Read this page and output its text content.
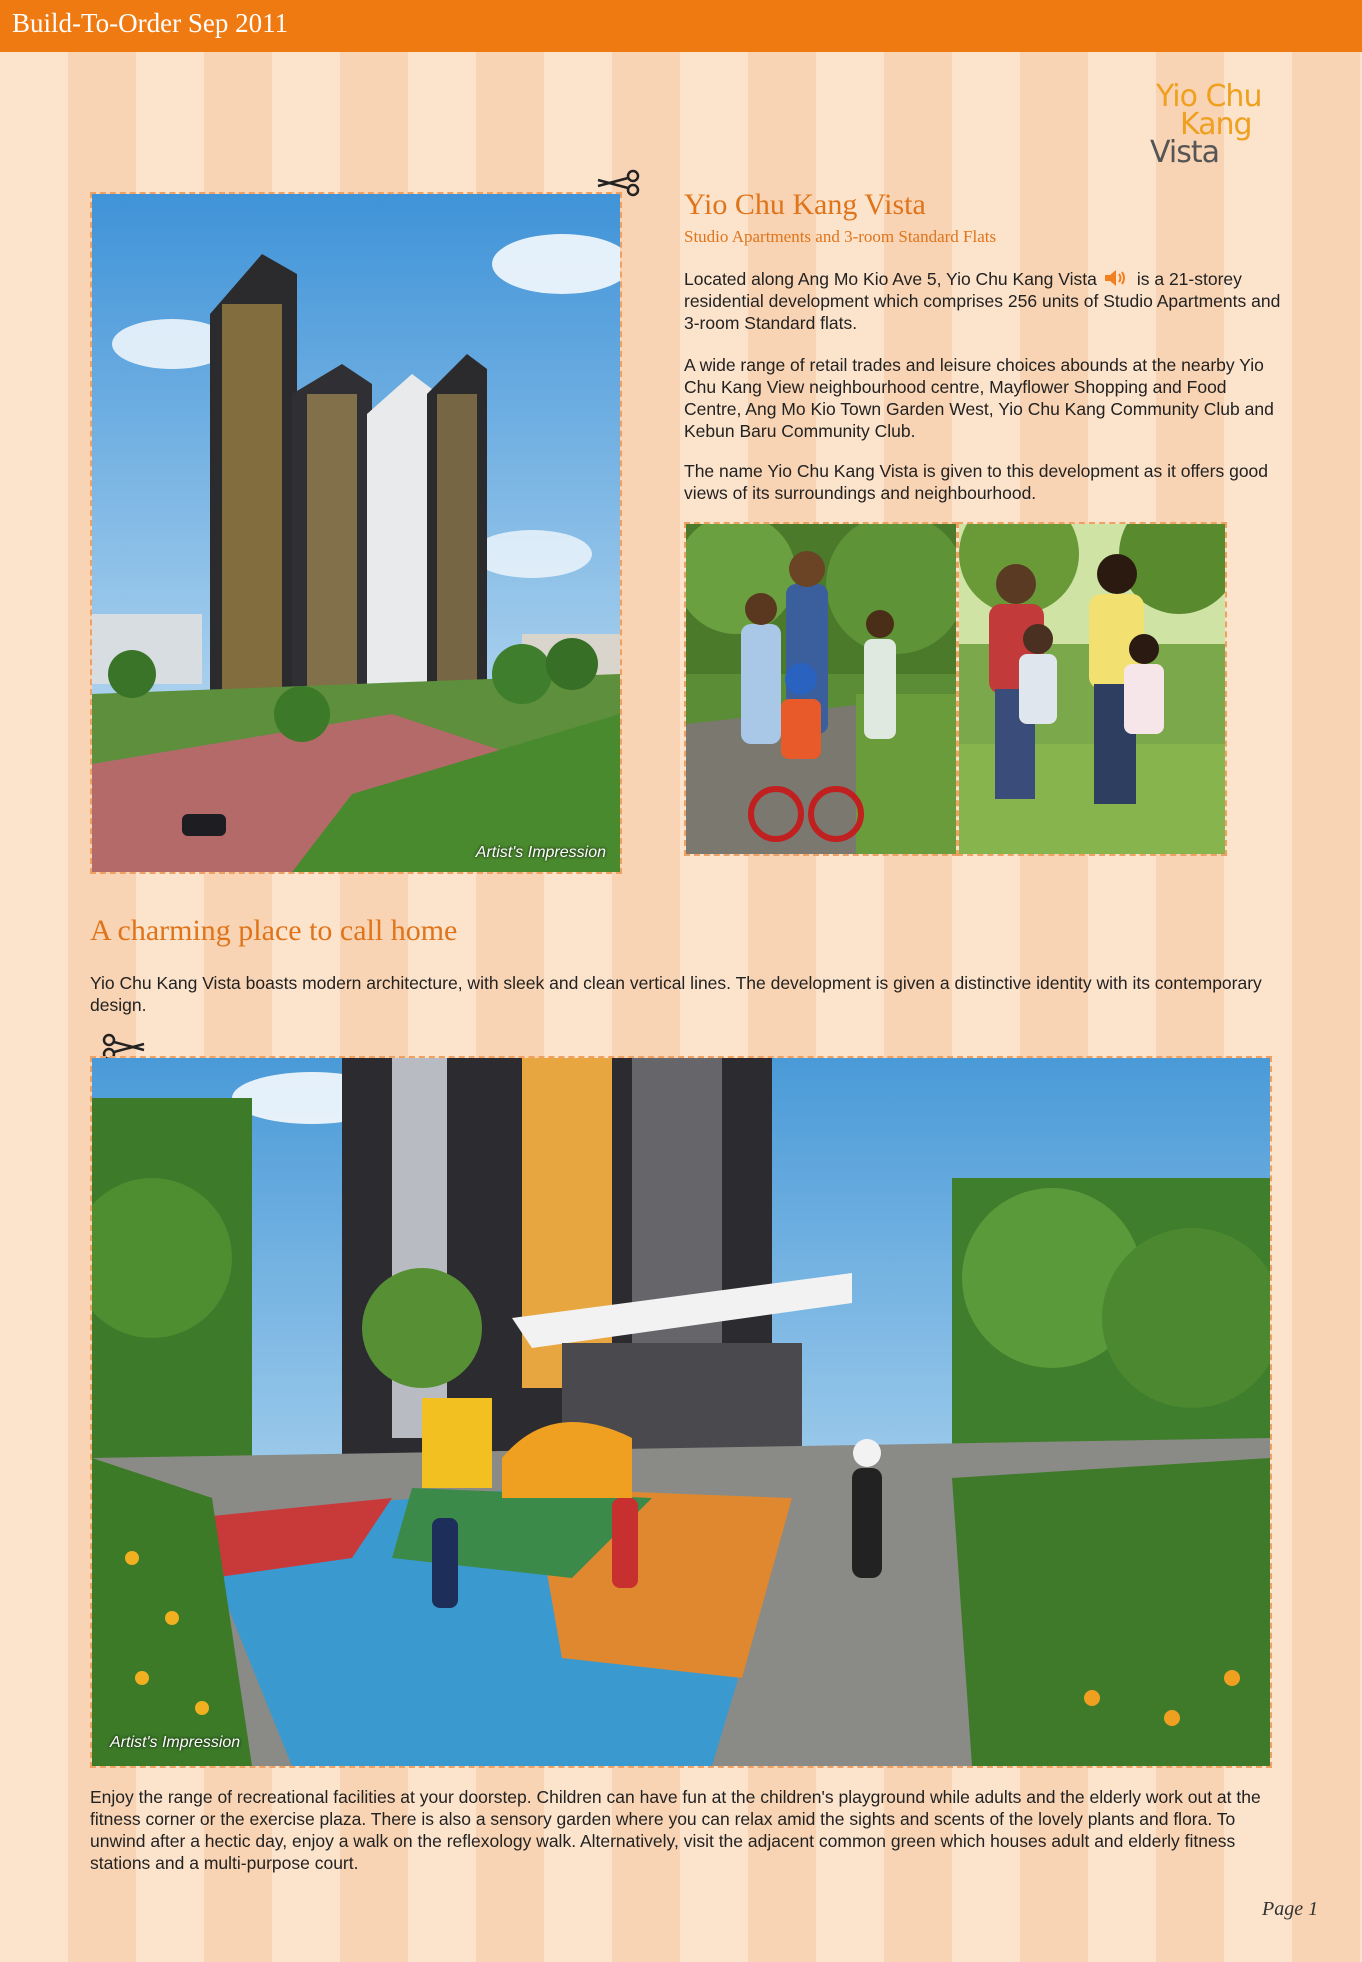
Build-To-Order Sep 2011
Yio Chu
Kang
Vista
Artist's Impression
Yio Chu Kang Vista
Studio Apartments and 3-room Standard Flats

Located along Ang Mo Kio Ave 5, Yio Chu Kang Vista is a 21-storey residential development which comprises 256 units of Studio Apartments and 3-room Standard flats.

A wide range of retail trades and leisure choices abounds at the nearby Yio Chu Kang View neighbourhood centre, Mayflower Shopping and Food Centre, Ang Mo Kio Town Garden West, Yio Chu Kang Community Club and Kebun Baru Community Club.

The name Yio Chu Kang Vista is given to this development as it offers good views of its surroundings and neighbourhood.

A charming place to call home

Yio Chu Kang Vista boasts modern architecture, with sleek and clean vertical lines. The development is given a distinctive identity with its contemporary design.

Artist's Impression

Enjoy the range of recreational facilities at your doorstep. Children can have fun at the children's playground while adults and the elderly work out at the fitness corner or the exercise plaza. There is also a sensory garden where you can relax amid the sights and scents of the lovely plants and flora. To unwind after a hectic day, enjoy a walk on the reflexology walk. Alternatively, visit the adjacent common green which houses adult and elderly fitness stations and a multi-purpose court.

Page 1
